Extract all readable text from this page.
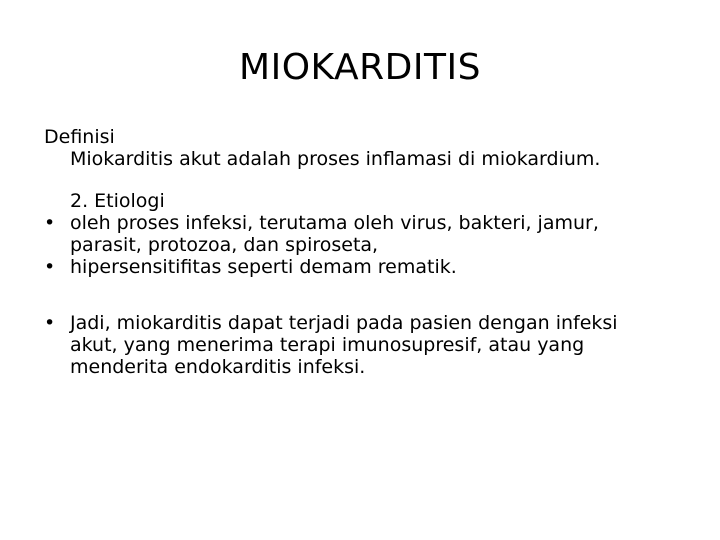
MIOKARDITIS
Definisi
Miokarditis akut adalah proses inflamasi di miokardium.
2. Etiologi
• oleh proses infeksi, terutama oleh virus, bakteri, jamur,
parasit, protozoa, dan spiroseta,
• hipersensitifitas seperti demam rematik.
• Jadi, miokarditis dapat terjadi pada pasien dengan infeksi
akut, yang menerima terapi imunosupresif, atau yang
menderita endokarditis infeksi.
